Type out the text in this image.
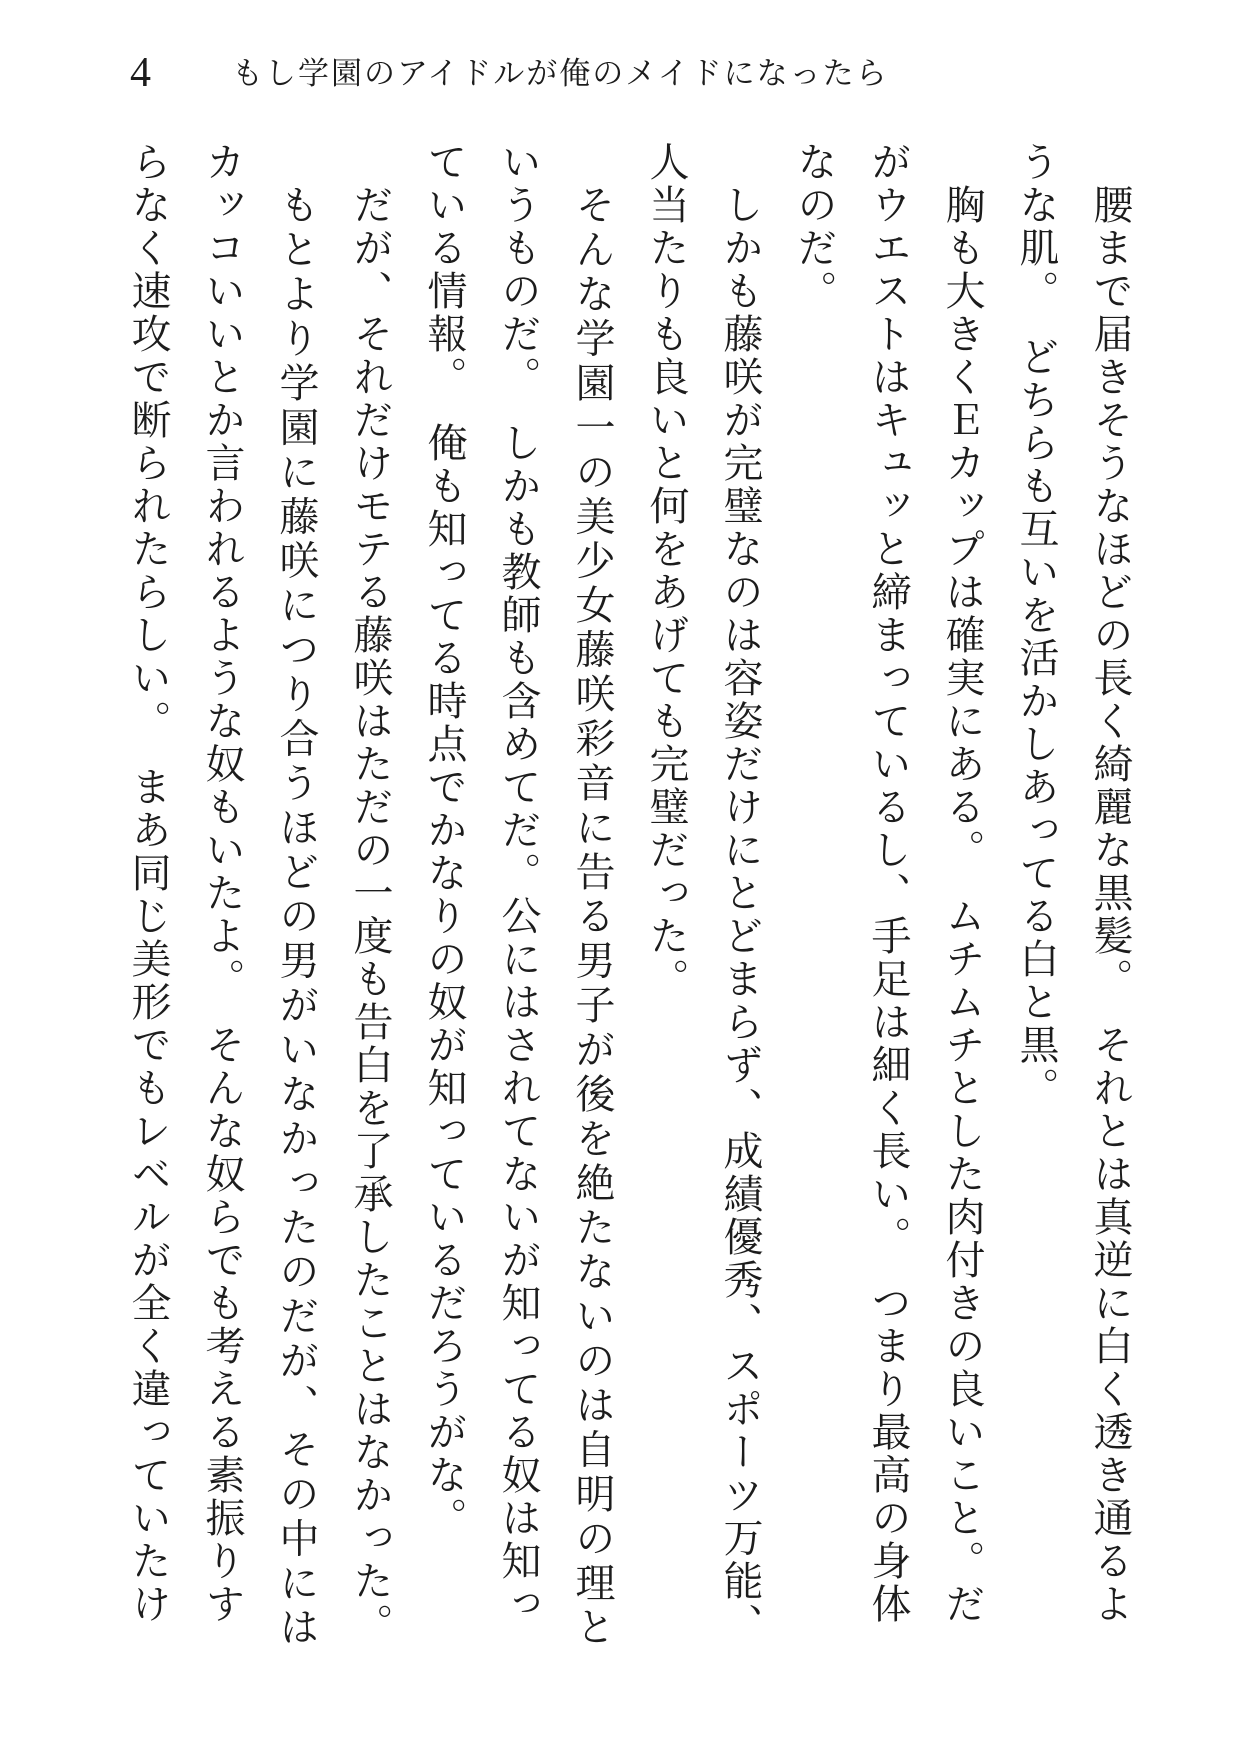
4	もし学園のアイドルが俺のメイドになったら

腰まで届きそうなほどの長く綺麗な黒髪。　それとは真逆に白く透き通るよ

うな肌。　どちらも互いを活かしあってる白と黒。

胸も大きくＥカップは確実にある。　ムチムチとした肉付きの良いこと。だ

がウエストはキュッと締まっているし、手足は細く長い。　つまり最高の身体

なのだ。

しかも藤咲が完璧なのは容姿だけにとどまらず、成績優秀、スポーツ万能、

人当たりも良いと何をあげても完璧だった。

そんな学園一の美少女藤咲彩音に告る男子が後を絶たないのは自明の理と

いうものだ。　しかも教師も含めてだ。公にはされてないが知ってる奴は知っ

ている情報。　俺も知ってる時点でかなりの奴が知っているだろうがな。

だが、それだけモテる藤咲はただの一度も告白を了承したことはなかった。

もとより学園に藤咲につり合うほどの男がいなかったのだが、その中には

カッコいいとか言われるような奴もいたよ。　そんな奴らでも考える素振りす

らなく速攻で断られたらしい。　まあ同じ美形でもレベルが全く違っていたけ
